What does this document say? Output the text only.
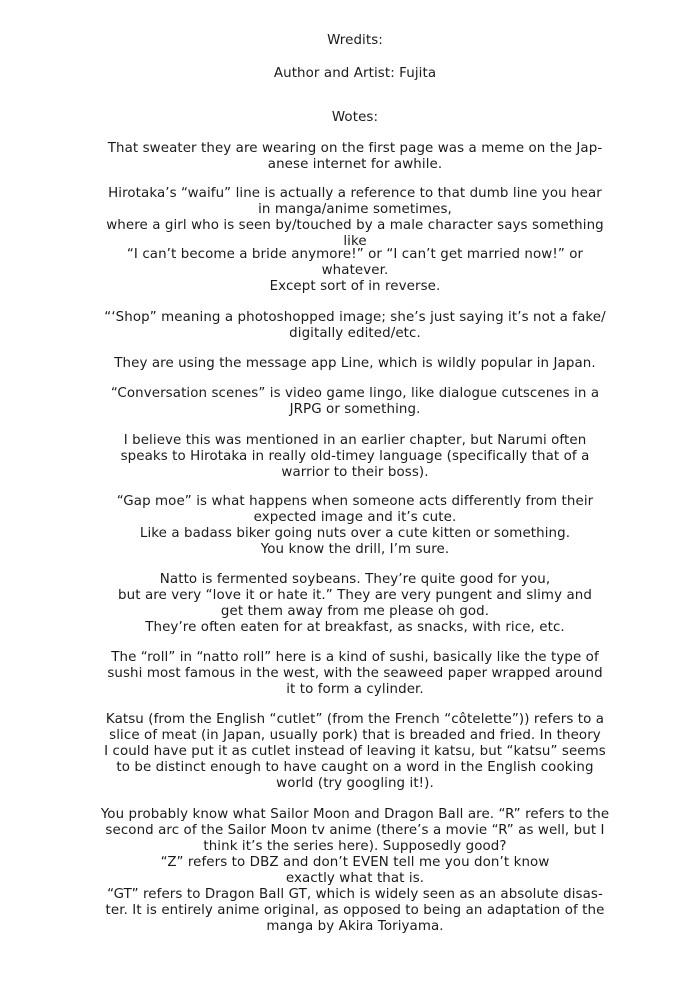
Wredits:
Author and Artist: Fujita
Wotes:
That sweater they are wearing on the first page was a meme on the Jap-
anese internet for awhile.
Hirotaka’s “waifu” line is actually a reference to that dumb line you hear
in manga/anime sometimes,
where a girl who is seen by/touched by a male character says something
like
“I can’t become a bride anymore!” or “I can’t get married now!” or
whatever.
Except sort of in reverse.
“‘Shop” meaning a photoshopped image; she’s just saying it’s not a fake/
digitally edited/etc.
They are using the message app Line, which is wildly popular in Japan.
“Conversation scenes” is video game lingo, like dialogue cutscenes in a
JRPG or something.
I believe this was mentioned in an earlier chapter, but Narumi often
speaks to Hirotaka in really old-timey language (specifically that of a
warrior to their boss).
“Gap moe” is what happens when someone acts differently from their
expected image and it’s cute.
Like a badass biker going nuts over a cute kitten or something.
You know the drill, I’m sure.
Natto is fermented soybeans. They’re quite good for you,
but are very “love it or hate it.” They are very pungent and slimy and
get them away from me please oh god.
They’re often eaten for at breakfast, as snacks, with rice, etc.
The “roll” in “natto roll” here is a kind of sushi, basically like the type of
sushi most famous in the west, with the seaweed paper wrapped around
it to form a cylinder.
Katsu (from the English “cutlet” (from the French “côtelette”)) refers to a
slice of meat (in Japan, usually pork) that is breaded and fried. In theory
I could have put it as cutlet instead of leaving it katsu, but “katsu” seems
to be distinct enough to have caught on a word in the English cooking
world (try googling it!).
You probably know what Sailor Moon and Dragon Ball are. “R” refers to the
second arc of the Sailor Moon tv anime (there’s a movie “R” as well, but I
think it’s the series here). Supposedly good?
“Z” refers to DBZ and don’t EVEN tell me you don’t know
exactly what that is.
“GT” refers to Dragon Ball GT, which is widely seen as an absolute disas-
ter. It is entirely anime original, as opposed to being an adaptation of the
manga by Akira Toriyama.
